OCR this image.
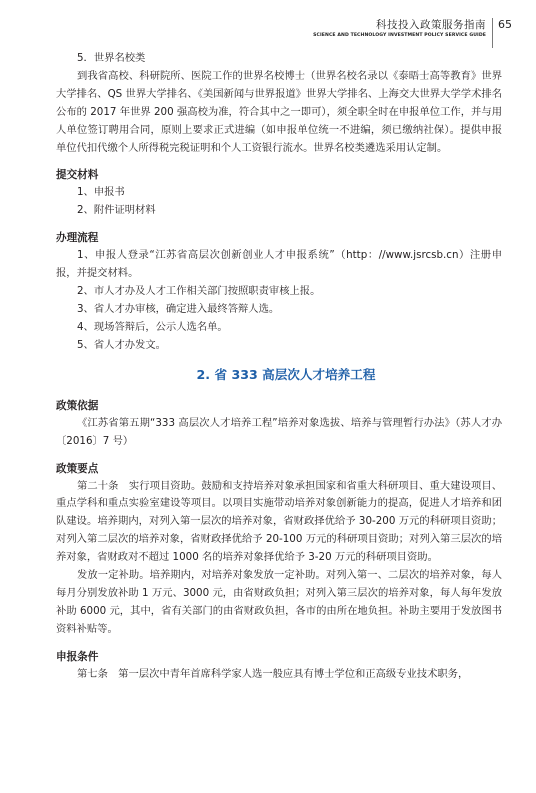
科技投入政策服务指南
SCIENCE AND TECHNOLOGY INVESTMENT POLICY SERVICE GUIDE
65

5．世界名校类

到我省高校、科研院所、医院工作的世界名校博士（世界名校名录以《泰晤士高等教育》世界大学排名、QS 世界大学排名、《美国新闻与世界报道》世界大学排名、上海交大世界大学学术排名公布的 2017 年世界 200 强高校为准，符合其中之一即可），须全职全时在申报单位工作，并与用人单位签订聘用合同，原则上要求正式进编（如申报单位统一不进编，须已缴纳社保）。提供申报单位代扣代缴个人所得税完税证明和个人工资银行流水。世界名校类遴选采用认定制。

提交材料

1、申报书

2、附件证明材料

办理流程

1、申报人登录“江苏省高层次创新创业人才申报系统”（http：//www.jsrcsb.cn）注册申报，并提交材料。

2、市人才办及人才工作相关部门按照职责审核上报。

3、省人才办审核，确定进入最终答辩人选。

4、现场答辩后，公示人选名单。

5、省人才办发文。

2. 省 333 高层次人才培养工程
政策依据

《江苏省第五期“333 高层次人才培养工程”培养对象选拔、培养与管理暂行办法》（苏人才办〔2016〕7 号）

政策要点

第二十条　实行项目资助。鼓励和支持培养对象承担国家和省重大科研项目、重大建设项目、重点学科和重点实验室建设等项目。以项目实施带动培养对象创新能力的提高，促进人才培养和团队建设。培养期内，对列入第一层次的培养对象，省财政择优给予 30-200 万元的科研项目资助；对列入第二层次的培养对象，省财政择优给予 20-100 万元的科研项目资助；对列入第三层次的培养对象，省财政对不超过 1000 名的培养对象择优给予 3-20 万元的科研项目资助。

发放一定补助。培养期内，对培养对象发放一定补助。对列入第一、二层次的培养对象，每人每月分别发放补助 1 万元、3000 元，由省财政负担；对列入第三层次的培养对象，每人每年发放补助 6000 元，其中，省有关部门的由省财政负担，各市的由所在地负担。补助主要用于发放图书资料补贴等。

申报条件

第七条　第一层次中青年首席科学家人选一般应具有博士学位和正高级专业技术职务，
